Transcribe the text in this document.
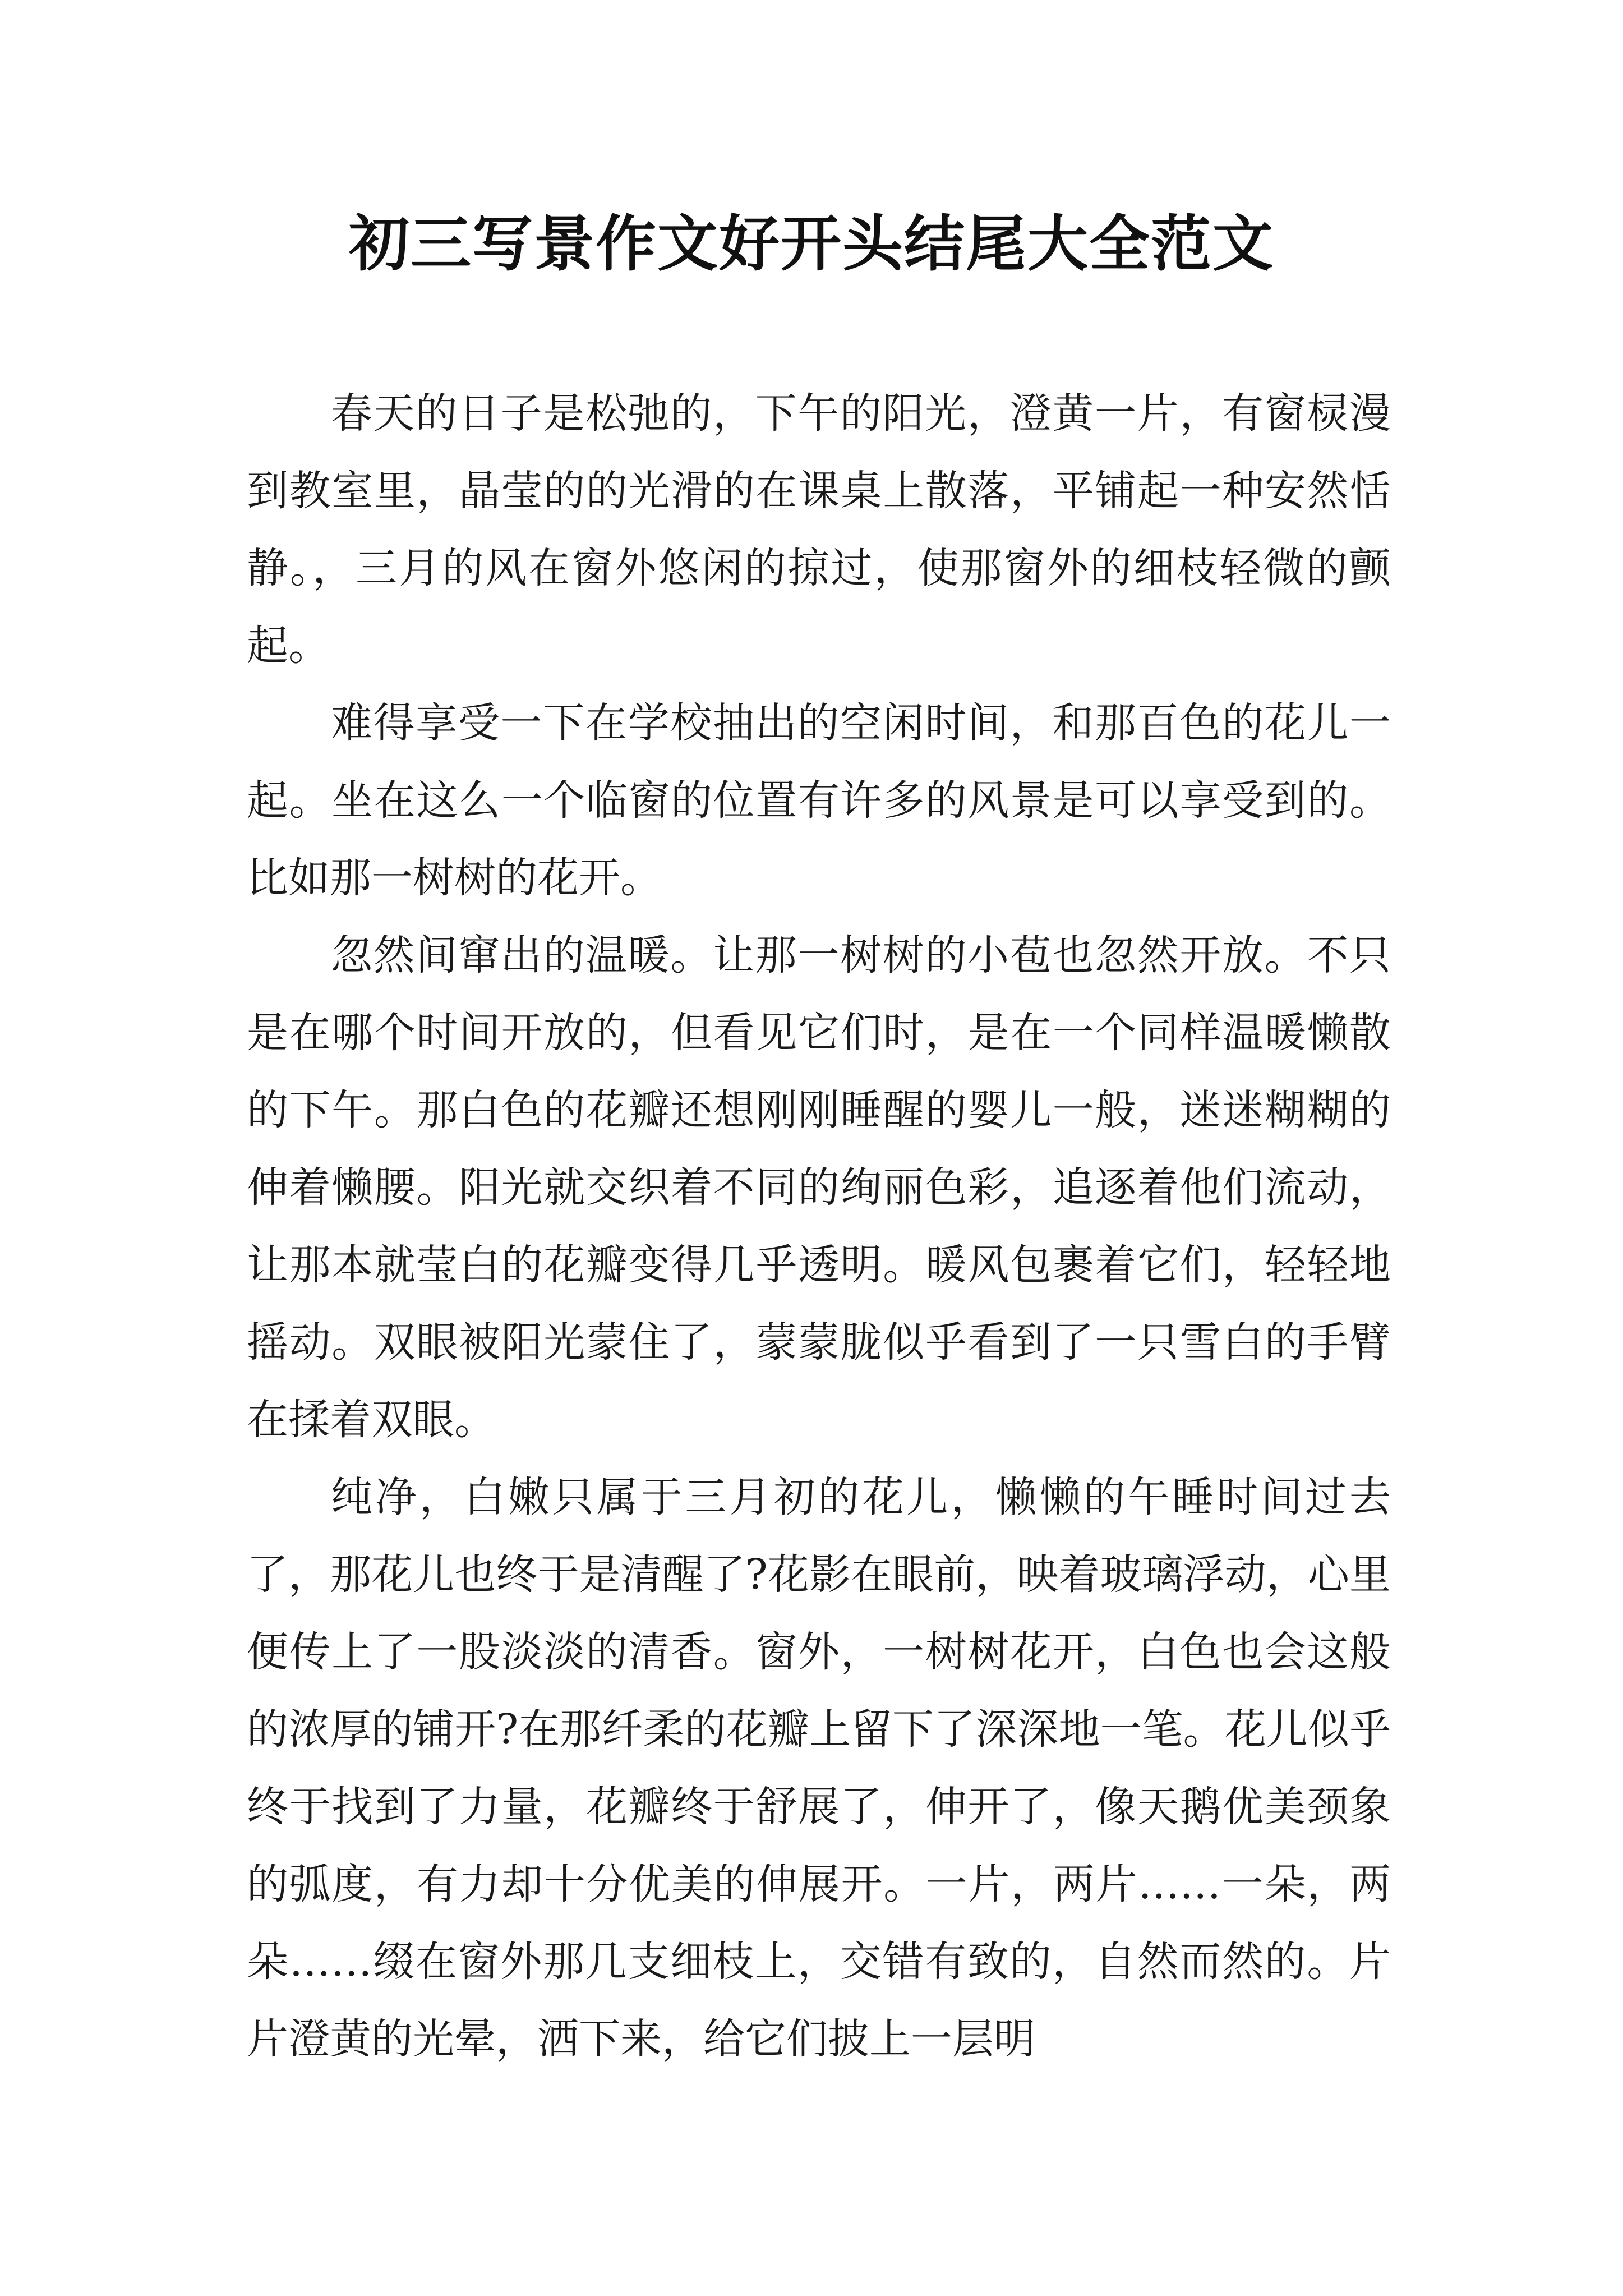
初三写景作文好开头结尾大全范文

春天的日子是松弛的，下午的阳光，澄黄一片，有窗棂漫到教室里，晶莹的的光滑的在课桌上散落，平铺起一种安然恬静。，三月的风在窗外悠闲的掠过，使那窗外的细枝轻微的颤起。

难得享受一下在学校抽出的空闲时间，和那百色的花儿一起。坐在这么一个临窗的位置有许多的风景是可以享受到的。比如那一树树的花开。

忽然间窜出的温暖。让那一树树的小苞也忽然开放。不只是在哪个时间开放的，但看见它们时，是在一个同样温暖懒散的下午。那白色的花瓣还想刚刚睡醒的婴儿一般，迷迷糊糊的伸着懒腰。阳光就交织着不同的绚丽色彩，追逐着他们流动，让那本就莹白的花瓣变得几乎透明。暖风包裹着它们，轻轻地摇动。双眼被阳光蒙住了，蒙蒙胧似乎看到了一只雪白的手臂在揉着双眼。

纯净，白嫩只属于三月初的花儿，懒懒的午睡时间过去了，那花儿也终于是清醒了?花影在眼前，映着玻璃浮动，心里便传上了一股淡淡的清香。窗外，一树树花开，白色也会这般的浓厚的铺开?在那纤柔的花瓣上留下了深深地一笔。花儿似乎终于找到了力量，花瓣终于舒展了，伸开了，像天鹅优美颈象的弧度，有力却十分优美的伸展开。一片，两片……一朵，两朵……缀在窗外那几支细枝上，交错有致的，自然而然的。片片澄黄的光晕，洒下来，给它们披上一层明
